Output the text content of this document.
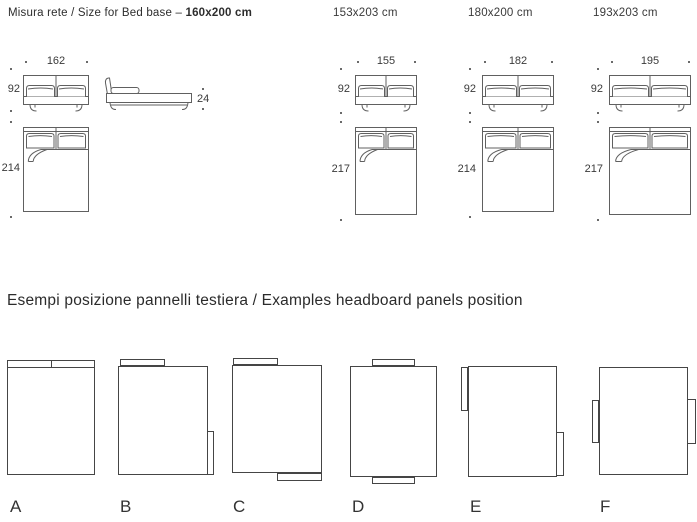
Misura rete / Size for Bed base – 160x200 cm	153x203 cm	180x200 cm	193x203 cm
162
92
214
24
155
92
217
182
92
214
195
92
217
Esempi posizione pannelli testiera / Examples headboard panels position
A	B	C	D	E	F
